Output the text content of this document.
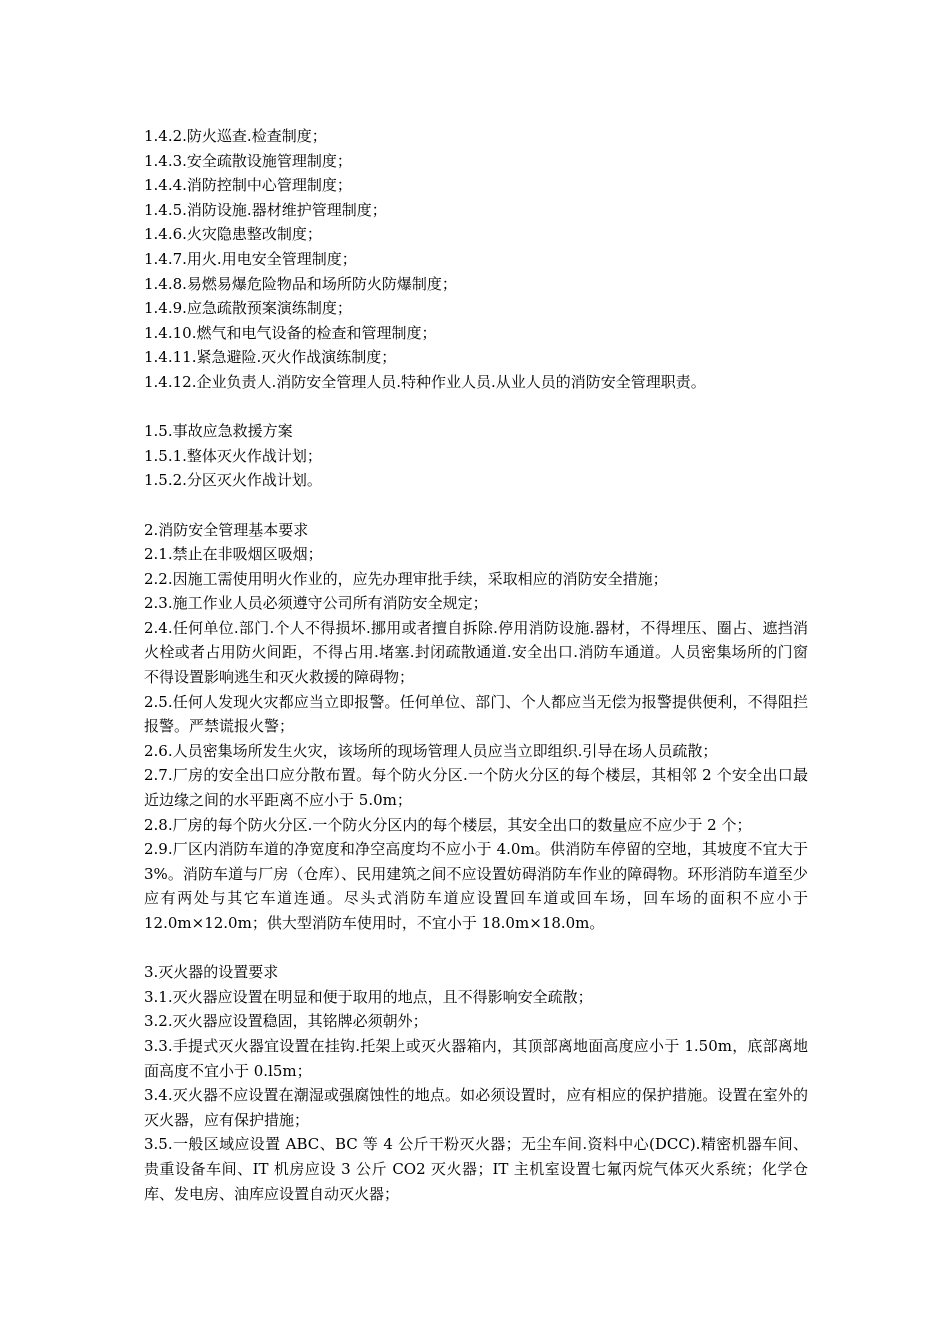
1.4.2.防火巡查.检查制度；
1.4.3.安全疏散设施管理制度；
1.4.4.消防控制中心管理制度；
1.4.5.消防设施.器材维护管理制度；
1.4.6.火灾隐患整改制度；
1.4.7.用火.用电安全管理制度；
1.4.8.易燃易爆危险物品和场所防火防爆制度；
1.4.9.应急疏散预案演练制度；
1.4.10.燃气和电气设备的检查和管理制度；
1.4.11.紧急避险.灭火作战演练制度；
1.4.12.企业负责人.消防安全管理人员.特种作业人员.从业人员的消防安全管理职责。
1.5.事故应急救援方案
1.5.1.整体灭火作战计划；
1.5.2.分区灭火作战计划。
2.消防安全管理基本要求
2.1.禁止在非吸烟区吸烟；
2.2.因施工需使用明火作业的，应先办理审批手续，采取相应的消防安全措施；
2.3.施工作业人员必须遵守公司所有消防安全规定；
2.4.任何单位.部门.个人不得损坏.挪用或者擅自拆除.停用消防设施.器材，不得埋压、圈占、遮挡消火栓或者占用防火间距，不得占用.堵塞.封闭疏散通道.安全出口.消防车通道。人员密集场所的门窗不得设置影响逃生和灭火救援的障碍物；
2.5.任何人发现火灾都应当立即报警。任何单位、部门、个人都应当无偿为报警提供便利，不得阻拦报警。严禁谎报火警；
2.6.人员密集场所发生火灾，该场所的现场管理人员应当立即组织.引导在场人员疏散；
2.7.厂房的安全出口应分散布置。每个防火分区.一个防火分区的每个楼层，其相邻 2 个安全出口最近边缘之间的水平距离不应小于 5.0m；
2.8.厂房的每个防火分区.一个防火分区内的每个楼层，其安全出口的数量应不应少于 2 个；
2.9.厂区内消防车道的净宽度和净空高度均不应小于 4.0m。供消防车停留的空地，其坡度不宜大于 3%。消防车道与厂房（仓库）、民用建筑之间不应设置妨碍消防车作业的障碍物。环形消防车道至少应有两处与其它车道连通。尽头式消防车道应设置回车道或回车场，回车场的面积不应小于 12.0m×12.0m；供大型消防车使用时，不宜小于 18.0m×18.0m。
3.灭火器的设置要求
3.1.灭火器应设置在明显和便于取用的地点，且不得影响安全疏散；
3.2.灭火器应设置稳固，其铭牌必须朝外；
3.3.手提式灭火器宜设置在挂钩.托架上或灭火器箱内，其顶部离地面高度应小于 1.50m，底部离地面高度不宜小于 0.l5m；
3.4.灭火器不应设置在潮湿或强腐蚀性的地点。如必须设置时，应有相应的保护措施。设置在室外的灭火器，应有保护措施；
3.5.一般区域应设置 ABC、BC 等 4 公斤干粉灭火器；无尘车间.资料中心(DCC).精密机器车间、贵重设备车间、IT 机房应设 3 公斤 CO2 灭火器；IT 主机室设置七氟丙烷气体灭火系统；化学仓库、发电房、油库应设置自动灭火器；
